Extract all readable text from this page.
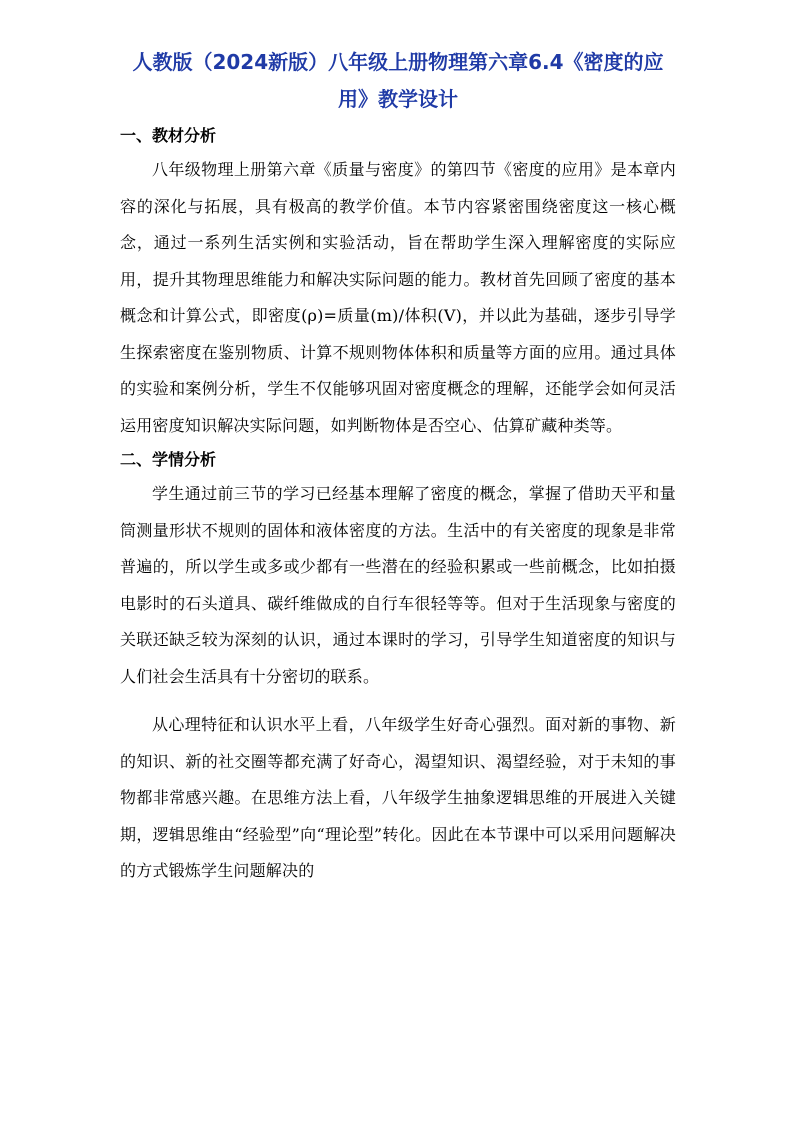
人教版（2024新版）八年级上册物理第六章6.4《密度的应用》教学设计
一、教材分析

八年级物理上册第六章《质量与密度》的第四节《密度的应用》是本章内容的深化与拓展，具有极高的教学价值。本节内容紧密围绕密度这一核心概念，通过一系列生活实例和实验活动，旨在帮助学生深入理解密度的实际应用，提升其物理思维能力和解决实际问题的能力。教材首先回顾了密度的基本概念和计算公式，即密度(ρ)=质量(m)/体积(V)，并以此为基础，逐步引导学生探索密度在鉴别物质、计算不规则物体体积和质量等方面的应用。通过具体的实验和案例分析，学生不仅能够巩固对密度概念的理解，还能学会如何灵活运用密度知识解决实际问题，如判断物体是否空心、估算矿藏种类等。

二、学情分析

学生通过前三节的学习已经基本理解了密度的概念，掌握了借助天平和量筒测量形状不规则的固体和液体密度的方法。生活中的有关密度的现象是非常普遍的，所以学生或多或少都有一些潜在的经验积累或一些前概念，比如拍摄电影时的石头道具、碳纤维做成的自行车很轻等等。但对于生活现象与密度的关联还缺乏较为深刻的认识，通过本课时的学习，引导学生知道密度的知识与人们社会生活具有十分密切的联系。

从心理特征和认识水平上看，八年级学生好奇心强烈。面对新的事物、新的知识、新的社交圈等都充满了好奇心，渴望知识、渴望经验，对于未知的事物都非常感兴趣。在思维方法上看，八年级学生抽象逻辑思维的开展进入关键期，逻辑思维由“经验型”向“理论型”转化。因此在本节课中可以采用问题解决的方式锻炼学生问题解决的
